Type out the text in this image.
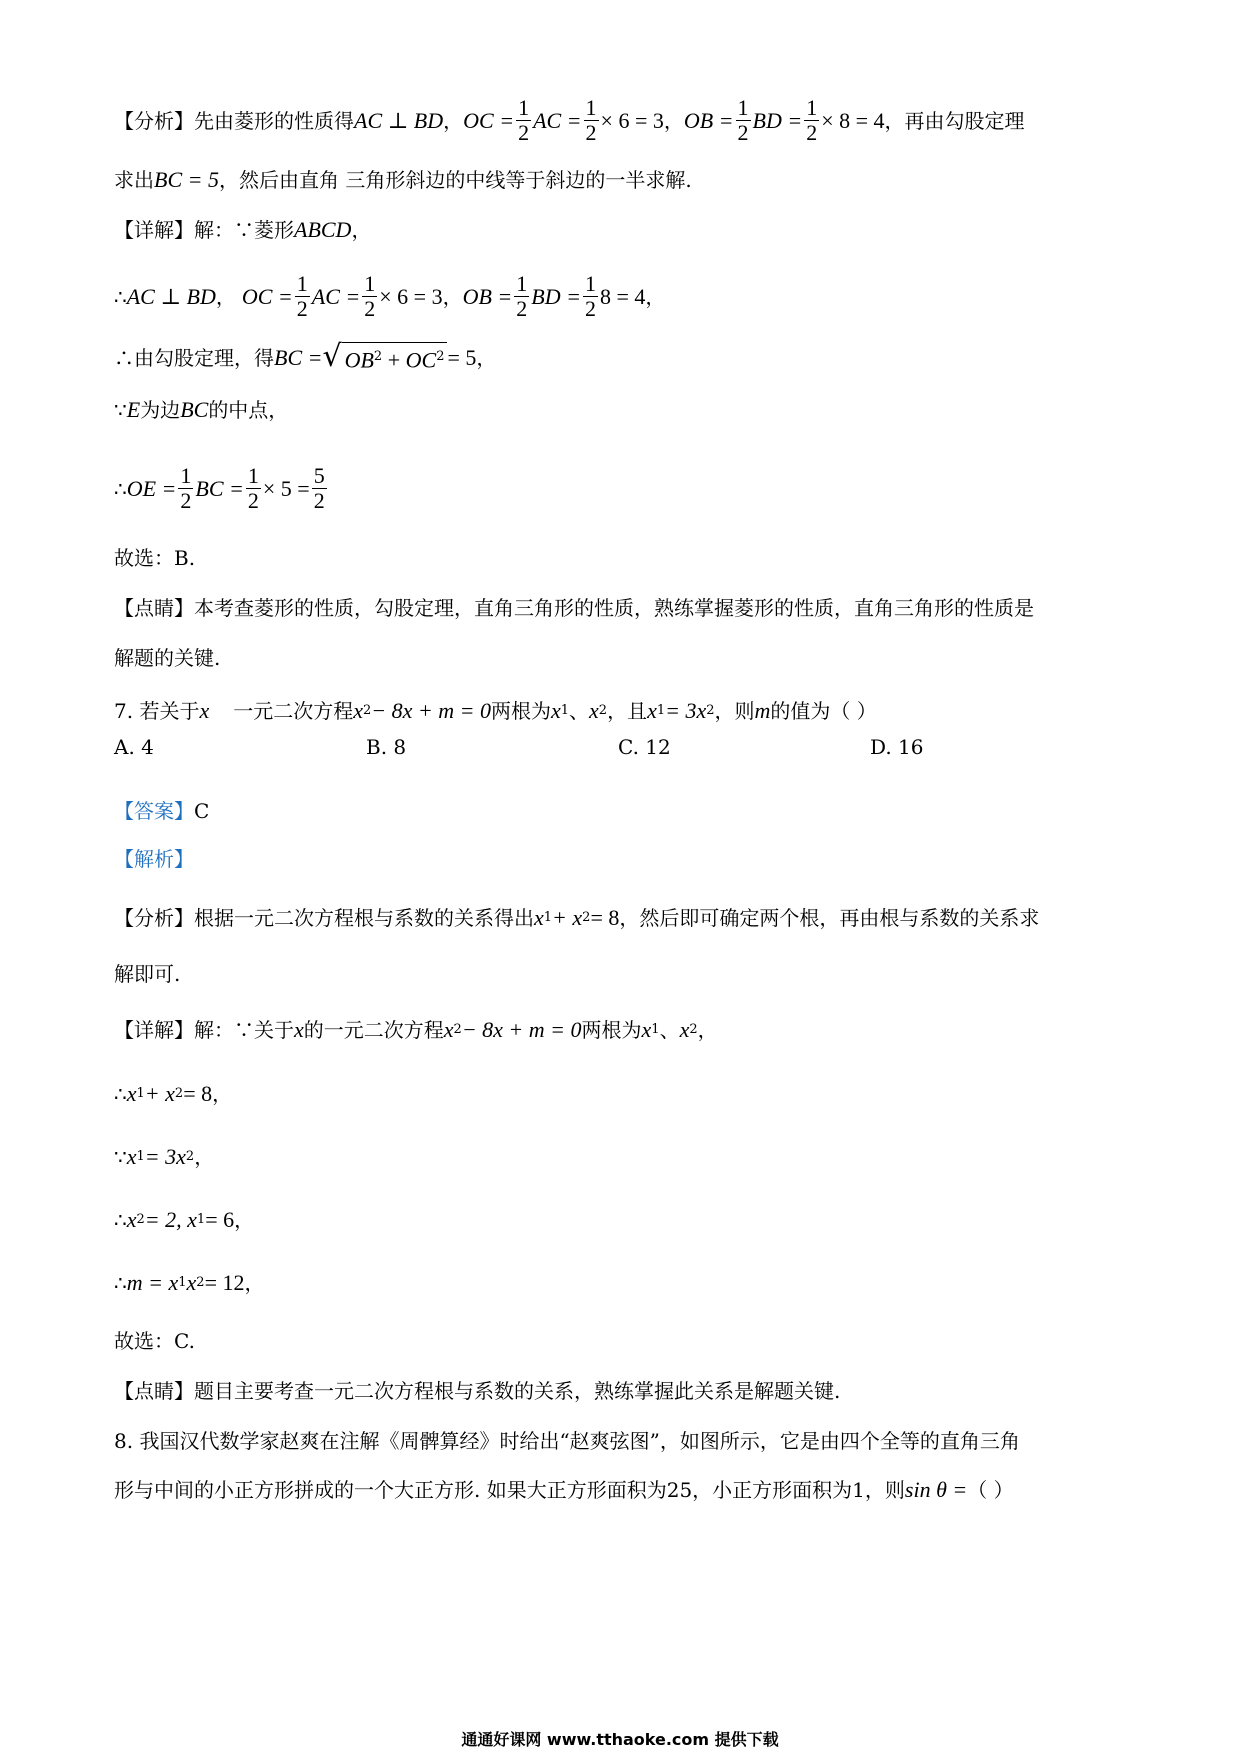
【分析】先由菱形的性质得 AC ⊥ BD ， OC = $\frac{1}{2}$ AC = $\frac{1}{2} \times 6 = 3$ ， OB = $\frac{1}{2}$ BD = $\frac{1}{2} \times 8 = 4$ ，再由勾股定理
求出 BC = 5 ，然后由直角 三角形斜边的中线等于斜边的一半求解.
【详解】解：∵菱形 ABCD ，
∴ AC ⊥ BD ， OC = $\frac{1}{2}$ AC = $\frac{1}{2} \times 6 = 3$ ， OB = $\frac{1}{2}$ BD = $\frac{1}{2} 8 = 4$ ，
∴由勾股定理，得 BC = √ $OB^2 + OC^2 = 5$ ，
∵ E 为边 BC 的中点，
∴ OE = $\frac{1}{2}$ BC = $\frac{1}{2} \times 5 = \frac{5}{2}$
故选：B.
【点睛】本考查菱形的性质，勾股定理，直角三角形的性质，熟练掌握菱形的性质，直角三角形的性质是
解题的关键.
7. 若关于 x 一元二次方程 x 2 − 8x + m = 0 两根为 x 1 、 x 2 ，且 x 1 = 3x 2 ，则 m 的值为（ ）
A. 4	B. 8	C. 12	D. 16
【答案】 C
【解析】
【分析】根据一元二次方程根与系数的关系得出 x 1 + x 2 = 8 ，然后即可确定两个根，再由根与系数的关系求
解即可.
【详解】解：∵关于 x 的一元二次方程 x 2 − 8x + m = 0 两根为 x 1 、 x 2 ，
∴ x 1 + x 2 = 8 ，
∵ x 1 = 3x 2 ，
∴ x 2 = 2, x 1 = 6 ，
∴ m = x 1 x 2 = 12 ，
故选：C.
【点睛】题目主要考查一元二次方程根与系数的关系，熟练掌握此关系是解题关键.
8. 我国汉代数学家赵爽在注解《周髀算经》时给出“赵爽弦图”，如图所示，它是由四个全等的直角三角
形与中间的小正方形拼成的一个大正方形. 如果大正方形面积为25，小正方形面积为1，则 sin θ = （ ）
通通好课网 www.tthaoke.com 提供下载
